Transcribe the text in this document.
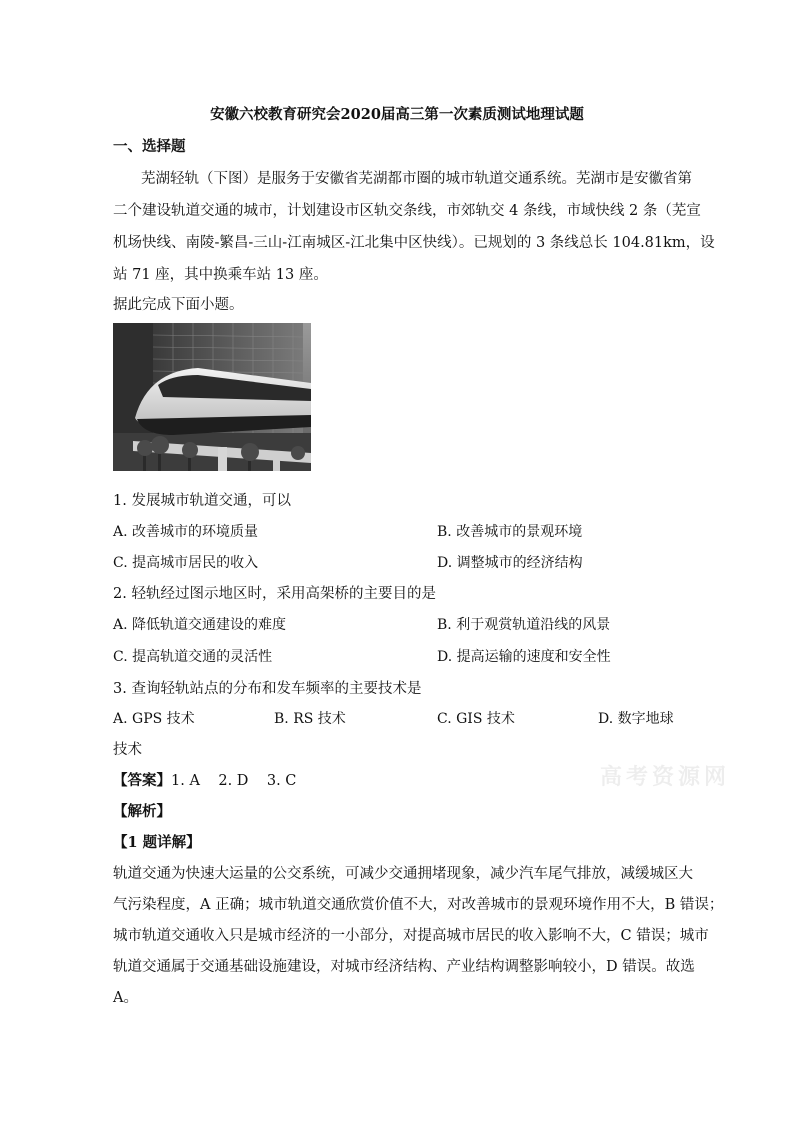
安徽六校教育研究会2020届高三第一次素质测试地理试题
一、选择题
芜湖轻轨（下图）是服务于安徽省芜湖都市圈的城市轨道交通系统。芜湖市是安徽省第
二个建设轨道交通的城市，计划建设市区轨交条线，市郊轨交 4 条线，市域快线 2 条（芜宣
机场快线、南陵-繁昌-三山-江南城区-江北集中区快线）。已规划的 3 条线总长 104.81km，设
站 71 座，其中换乘车站 13 座。
据此完成下面小题。
1. 发展城市轨道交通，可以
A. 改善城市的环境质量	B. 改善城市的景观环境
C. 提高城市居民的收入	D. 调整城市的经济结构
2. 轻轨经过图示地区时，采用高架桥的主要目的是
A. 降低轨道交通建设的难度	B. 利于观赏轨道沿线的风景
C. 提高轨道交通的灵活性	D. 提高运输的速度和安全性
3. 查询轻轨站点的分布和发车频率的主要技术是
A. GPS 技术	B. RS 技术	C. GIS 技术	D. 数字地球
技术
【答案】1. A    2. D    3. C
【解析】
【1 题详解】
轨道交通为快速大运量的公交系统，可减少交通拥堵现象，减少汽车尾气排放，减缓城区大
气污染程度，A 正确；城市轨道交通欣赏价值不大，对改善城市的景观环境作用不大，B 错误；
城市轨道交通收入只是城市经济的一小部分，对提高城市居民的收入影响不大，C 错误；城市
轨道交通属于交通基础设施建设，对城市经济结构、产业结构调整影响较小，D 错误。故选
A。
高考资源网
